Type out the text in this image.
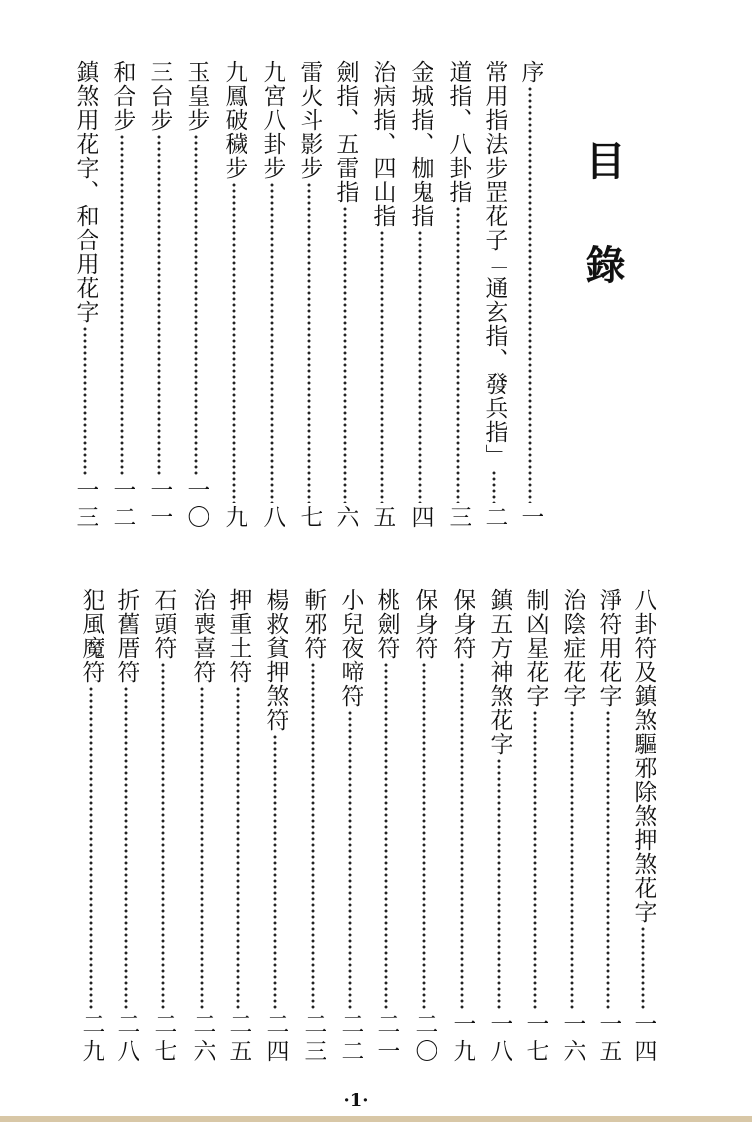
目錄
序
一
常用指法步罡花子「通玄指、發兵指」
二
道指、八卦指
三
金城指、枷鬼指
四
治病指、四山指
五
劍指、五雷指
六
雷火斗影步
七
九宮八卦步
八
九鳳破穢步
九
玉皇步
一〇
三台步
一一
和合步
一二
鎮煞用花字、和合用花字
一三
八卦符及鎮煞驅邪除煞押煞花字
一四
淨符用花字
一五
治陰症花字
一六
制凶星花字
一七
鎮五方神煞花字
一八
保身符
一九
保身符
二〇
桃劍符
二一
小兒夜啼符
二二
斬邪符
二三
楊救貧押煞符
二四
押重土符
二五
治喪喜符
二六
石頭符
二七
折舊厝符
二八
犯風魔符
二九
·1·
